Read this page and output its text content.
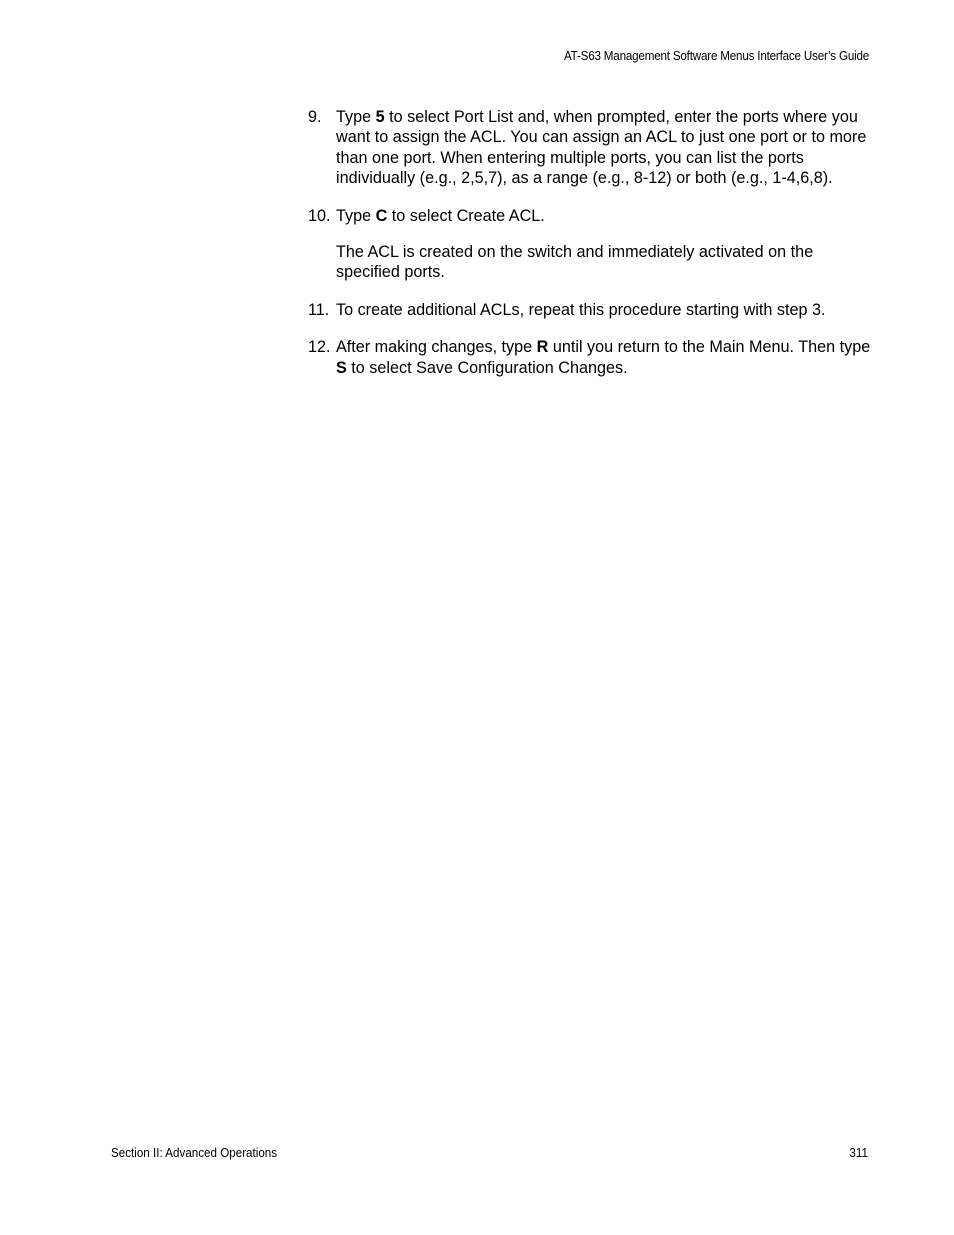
AT-S63 Management Software Menus Interface User’s Guide
9. Type 5 to select Port List and, when prompted, enter the ports where you want to assign the ACL. You can assign an ACL to just one port or to more than one port. When entering multiple ports, you can list the ports individually (e.g., 2,5,7), as a range (e.g., 8-12) or both (e.g., 1-4,6,8).

10. Type C to select Create ACL.

The ACL is created on the switch and immediately activated on the specified ports.

11. To create additional ACLs, repeat this procedure starting with step 3.

12. After making changes, type R until you return to the Main Menu. Then type S to select Save Configuration Changes.

Section II: Advanced Operations	311
